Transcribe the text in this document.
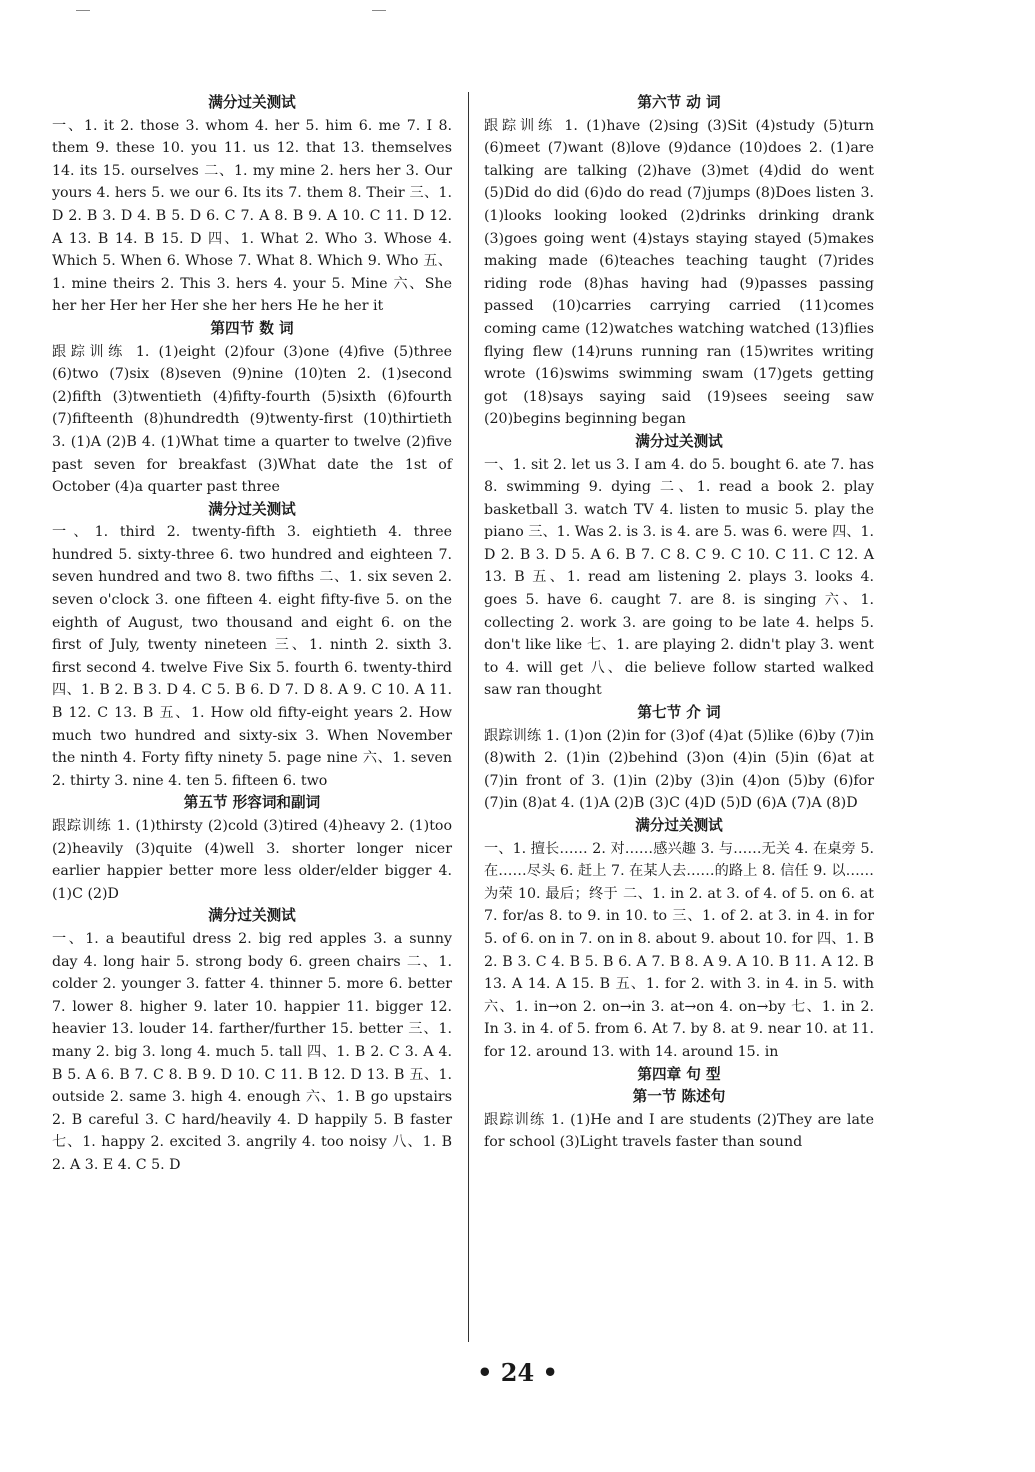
满分过关测试

一、1. it 2. those 3. whom 4. her 5. him 6. me 7. I 8. them 9. these 10. you 11. us 12. that 13. themselves 14. its 15. ourselves 二、1. my mine 2. hers her 3. Our yours 4. hers 5. we our 6. Its its 7. them 8. Their 三、1. D 2. B 3. D 4. B 5. D 6. C 7. A 8. B 9. A 10. C 11. D 12. A 13. B 14. B 15. D 四、1. What 2. Who 3. Whose 4. Which 5. When 6. Whose 7. What 8. Which 9. Who 五、1. mine theirs 2. This 3. hers 4. your 5. Mine 六、She her her Her her Her she her hers He he her it

第四节 数 词

跟踪训练 1. (1)eight (2)four (3)one (4)five (5)three (6)two (7)six (8)seven (9)nine (10)ten 2. (1)second (2)fifth (3)twentieth (4)fifty-fourth (5)sixth (6)fourth (7)fifteenth (8)hundredth (9)twenty-first (10)thirtieth 3. (1)A (2)B 4. (1)What time a quarter to twelve (2)five past seven for breakfast (3)What date the 1st of October (4)a quarter past three

满分过关测试

一、1. third 2. twenty-fifth 3. eightieth 4. three hundred 5. sixty-three 6. two hundred and eighteen 7. seven hundred and two 8. two fifths 二、1. six seven 2. seven o'clock 3. one fifteen 4. eight fifty-five 5. on the eighth of August, two thousand and eight 6. on the first of July, twenty nineteen 三、1. ninth 2. sixth 3. first second 4. twelve Five Six 5. fourth 6. twenty-third 四、1. B 2. B 3. D 4. C 5. B 6. D 7. D 8. A 9. C 10. A 11. B 12. C 13. B 五、1. How old fifty-eight years 2. How much two hundred and sixty-six 3. When November the ninth 4. Forty fifty ninety 5. page nine 六、1. seven 2. thirty 3. nine 4. ten 5. fifteen 6. two

第五节 形容词和副词

跟踪训练 1. (1)thirsty (2)cold (3)tired (4)heavy 2. (1)too (2)heavily (3)quite (4)well 3. shorter longer nicer earlier happier better more less older/elder bigger 4. (1)C (2)D

满分过关测试

一、1. a beautiful dress 2. big red apples 3. a sunny day 4. long hair 5. strong body 6. green chairs 二、1. colder 2. younger 3. fatter 4. thinner 5. more 6. better 7. lower 8. higher 9. later 10. happier 11. bigger 12. heavier 13. louder 14. farther/further 15. better 三、1. many 2. big 3. long 4. much 5. tall 四、1. B 2. C 3. A 4. B 5. A 6. B 7. C 8. B 9. D 10. C 11. B 12. D 13. B 五、1. outside 2. same 3. high 4. enough 六、1. B go upstairs 2. B careful 3. C hard/heavily 4. D happily 5. B faster 七、1. happy 2. excited 3. angrily 4. too noisy 八、1. B 2. A 3. E 4. C 5. D

第六节 动 词

跟踪训练 1. (1)have (2)sing (3)Sit (4)study (5)turn (6)meet (7)want (8)love (9)dance (10)does 2. (1)are talking are talking (2)have (3)met (4)did do went (5)Did do did (6)do do read (7)jumps (8)Does listen 3. (1)looks looking looked (2)drinks drinking drank (3)goes going went (4)stays staying stayed (5)makes making made (6)teaches teaching taught (7)rides riding rode (8)has having had (9)passes passing passed (10)carries carrying carried (11)comes coming came (12)watches watching watched (13)flies flying flew (14)runs running ran (15)writes writing wrote (16)swims swimming swam (17)gets getting got (18)says saying said (19)sees seeing saw (20)begins beginning began

满分过关测试

一、1. sit 2. let us 3. I am 4. do 5. bought 6. ate 7. has 8. swimming 9. dying 二、1. read a book 2. play basketball 3. watch TV 4. listen to music 5. play the piano 三、1. Was 2. is 3. is 4. are 5. was 6. were 四、1. D 2. B 3. D 5. A 6. B 7. C 8. C 9. C 10. C 11. C 12. A 13. B 五、1. read am listening 2. plays 3. looks 4. goes 5. have 6. caught 7. are 8. is singing 六、1. collecting 2. work 3. are going to be late 4. helps 5. don't like like 七、1. are playing 2. didn't play 3. went to 4. will get 八、die believe follow started walked saw ran thought

第七节 介 词

跟踪训练 1. (1)on (2)in for (3)of (4)at (5)like (6)by (7)in (8)with 2. (1)in (2)behind (3)on (4)in (5)in (6)at at (7)in front of 3. (1)in (2)by (3)in (4)on (5)by (6)for (7)in (8)at 4. (1)A (2)B (3)C (4)D (5)D (6)A (7)A (8)D

满分过关测试

一、1. 擅长…… 2. 对……感兴趣 3. 与……无关 4. 在桌旁 5. 在……尽头 6. 赶上 7. 在某人去……的路上 8. 信任 9. 以……为荣 10. 最后；终于 二、1. in 2. at 3. of 4. of 5. on 6. at 7. for/as 8. to 9. in 10. to 三、1. of 2. at 3. in 4. in for 5. of 6. on in 7. on in 8. about 9. about 10. for 四、1. B 2. B 3. C 4. B 5. B 6. A 7. B 8. A 9. A 10. B 11. A 12. B 13. A 14. A 15. B 五、1. for 2. with 3. in 4. in 5. with 六、1. in→on 2. on→in 3. at→on 4. on→by 七、1. in 2. In 3. in 4. of 5. from 6. At 7. by 8. at 9. near 10. at 11. for 12. around 13. with 14. around 15. in

第四章 句 型

第一节 陈述句

跟踪训练 1. (1)He and I are students (2)They are late for school (3)Light travels faster than sound

• 24 •
